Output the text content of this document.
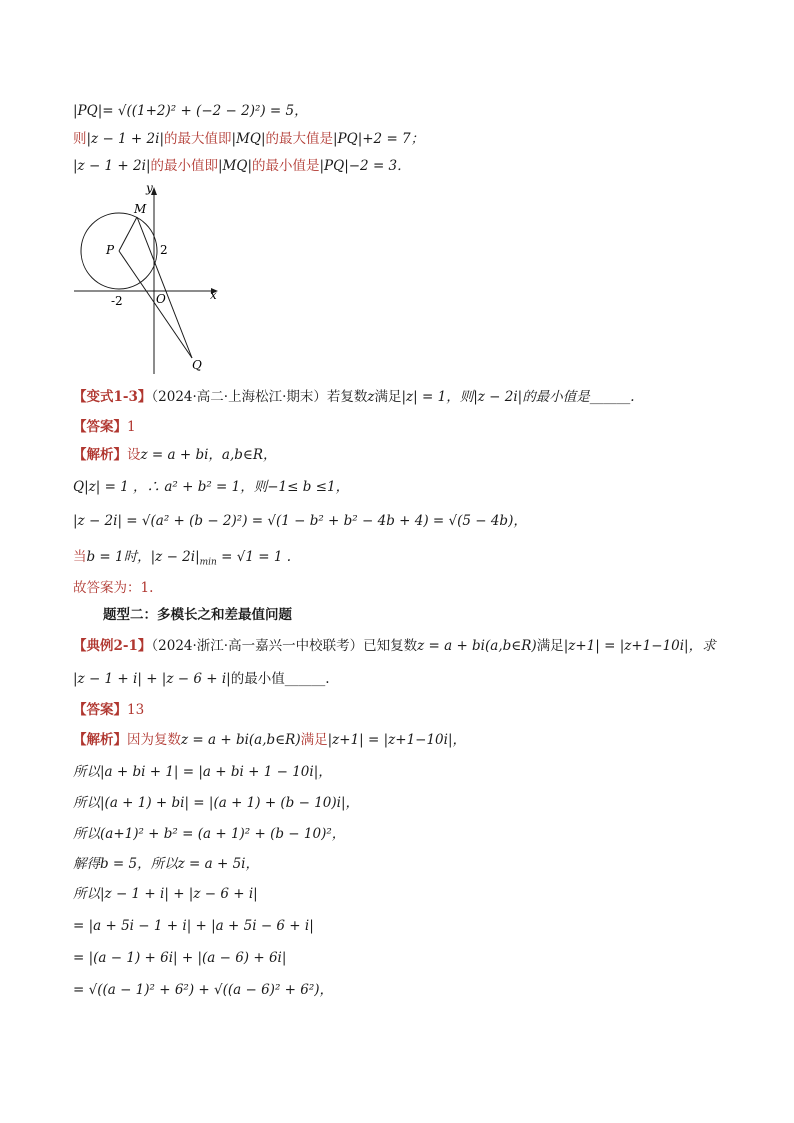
|PQ|= √((1+2)² + (−2 − 2)²) = 5，
则|z − 1 + 2i|的最大值即|MQ|的最大值是|PQ|+2 = 7；
|z − 1 + 2i|的最小值即|MQ|的最小值是|PQ|−2 = 3．
y
x
M
P
O
Q
2
-2
【变式1-3】（2024·高二·上海松江·期末）若复数z满足|z| = 1，则|z − 2i|的最小值是______.
【答案】1
【解析】设z = a + bi，a,b∈R，
Q|z| = 1 ，∴ a² + b² = 1，则−1≤ b ≤1，
|z − 2i| = √(a² + (b − 2)²) = √(1 − b² + b² − 4b + 4) = √(5 − 4b)，
当b = 1时，$|z - 2i|_{min} = √1 = 1$ .
故答案为：1.
题型二：多模长之和差最值问题
【典例2-1】（2024·浙江·高一嘉兴一中校联考）已知复数z = a + bi(a,b∈R)满足|z+1| = |z+1−10i|，求
|z − 1 + i| + |z − 6 + i|的最小值______.
【答案】13
【解析】因为复数z = a + bi(a,b∈R)满足|z+1| = |z+1−10i|，
所以|a + bi + 1| = |a + bi + 1 − 10i|，
所以|(a + 1) + bi| = |(a + 1) + (b − 10)i|，
所以(a+1)² + b² = (a + 1)² + (b − 10)²，
解得b = 5，所以z = a + 5i，
所以|z − 1 + i| + |z − 6 + i|
= |a + 5i − 1 + i| + |a + 5i − 6 + i|
= |(a − 1) + 6i| + |(a − 6) + 6i|
= √((a − 1)² + 6²) + √((a − 6)² + 6²)，
